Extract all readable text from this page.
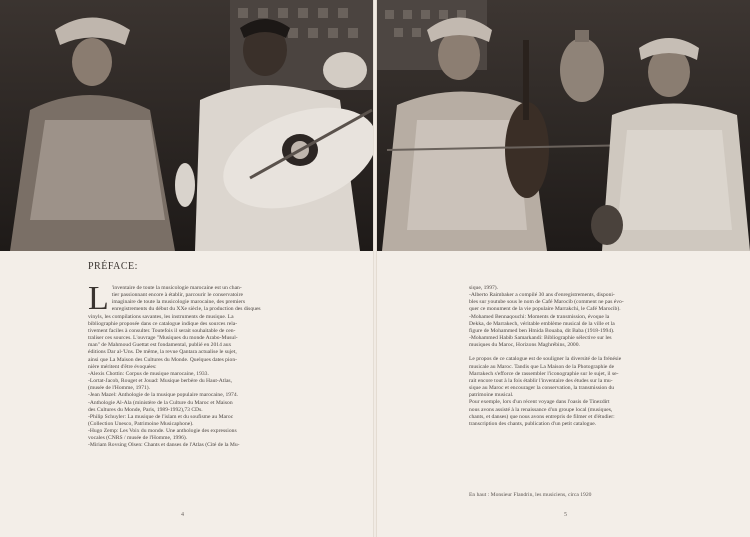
PRÉFACE:
L 'inventaire de toute la musicologie marocaine est un chan-

tier passionnant encore à établir, parcourir le conservatoire

imaginaire de toute la musicologie marocaine, des premiers

enregistrements du début du XXe siècle, la production des disques

vinyls, les compilations savantes, les instruments de musique. La

bibliographie proposée dans ce catalogue indique des sources rela-

tivement faciles à consulter. Toutefois il serait souhaitable de cen-

traliser ces sources. L'ouvrage "Musiques du monde Arabo-Musul-

man" de Mahmoud Guettat est fondamental, publié en 2014 aux

éditions Dar al-'Uns. De même, la revue Qantara actualise le sujet,

ainsi que La Maison des Cultures du Monde. Quelques dates pion-

nière méritent d'être évoquées:

-Alexis Chottin: Corpus de musique marocaine, 1933.

-Lortat-Jacob, Rouget et Jouad: Musique berbère du Haut-Atlas,

(musée de l'Homme, 1971).

-Jean Mazel: Anthologie de la musique populaire marocaine, 1974.

-Anthologie Al-Ala (ministère de la Culture du Maroc et Maison

des Cultures du Monde, Paris, 1989-1992),73 CDs.

-Philip Schuyler: La musique de l'islam et du soufisme au Maroc

(Collection Unesco, Patrimoine Musicaphone).

-Hugo Zemp: Les Voix du monde. Une anthologie des expressions

vocales (CNRS / musée de l'Homme, 1996).

-Miriam Rovsing Olsen: Chants et danses de l'Atlas (Cité de la Mu-

sique, 1997).

-Alberto Raimbaker a compilé 30 ans d'enregistrements, disponi-

bles sur youtube sous le nom de Café Marocib (comment ne pas évo-

quer ce monument de la vie populaire Marrakchi, le Café Marocib).

-Mohamed Bennaqouchi: Moments de transmission, évoque la

Dekka, de Marrakech, véritable emblème musical de la ville et la

figure de Mohammed ben Hmida Bouaba, dit Baba (1918-1994).

-Mohammed Habib Samarkandi: Bibliographie sélective sur les

musiques du Maroc, Horizons Maghrébins, 2000.

Le propos de ce catalogue est de souligner la diversité de la frénésie

musicale au Maroc. Tandis que La Maison de la Photographie de

Marrakech s'efforce de rassembler l'iconographie sur le sujet, il se-

rait encore tout à la fois établir l'inventaire des études sur la mu-

sique au Maroc et encourager la conservation, la transmission du

patrimoine musical.

Pour exemple, lors d'un récent voyage dans l'oasis de Tinezdirt

nous avons assisté à la renaissance d'un groupe local (musiques,

chants, et danses) que nous avons entrepris de filmer et d'étudier:

transcription des chants, publication d'un petit catalogue.

En haut : Monsieur Flandrin, les musiciens, circa 1920
4	5
